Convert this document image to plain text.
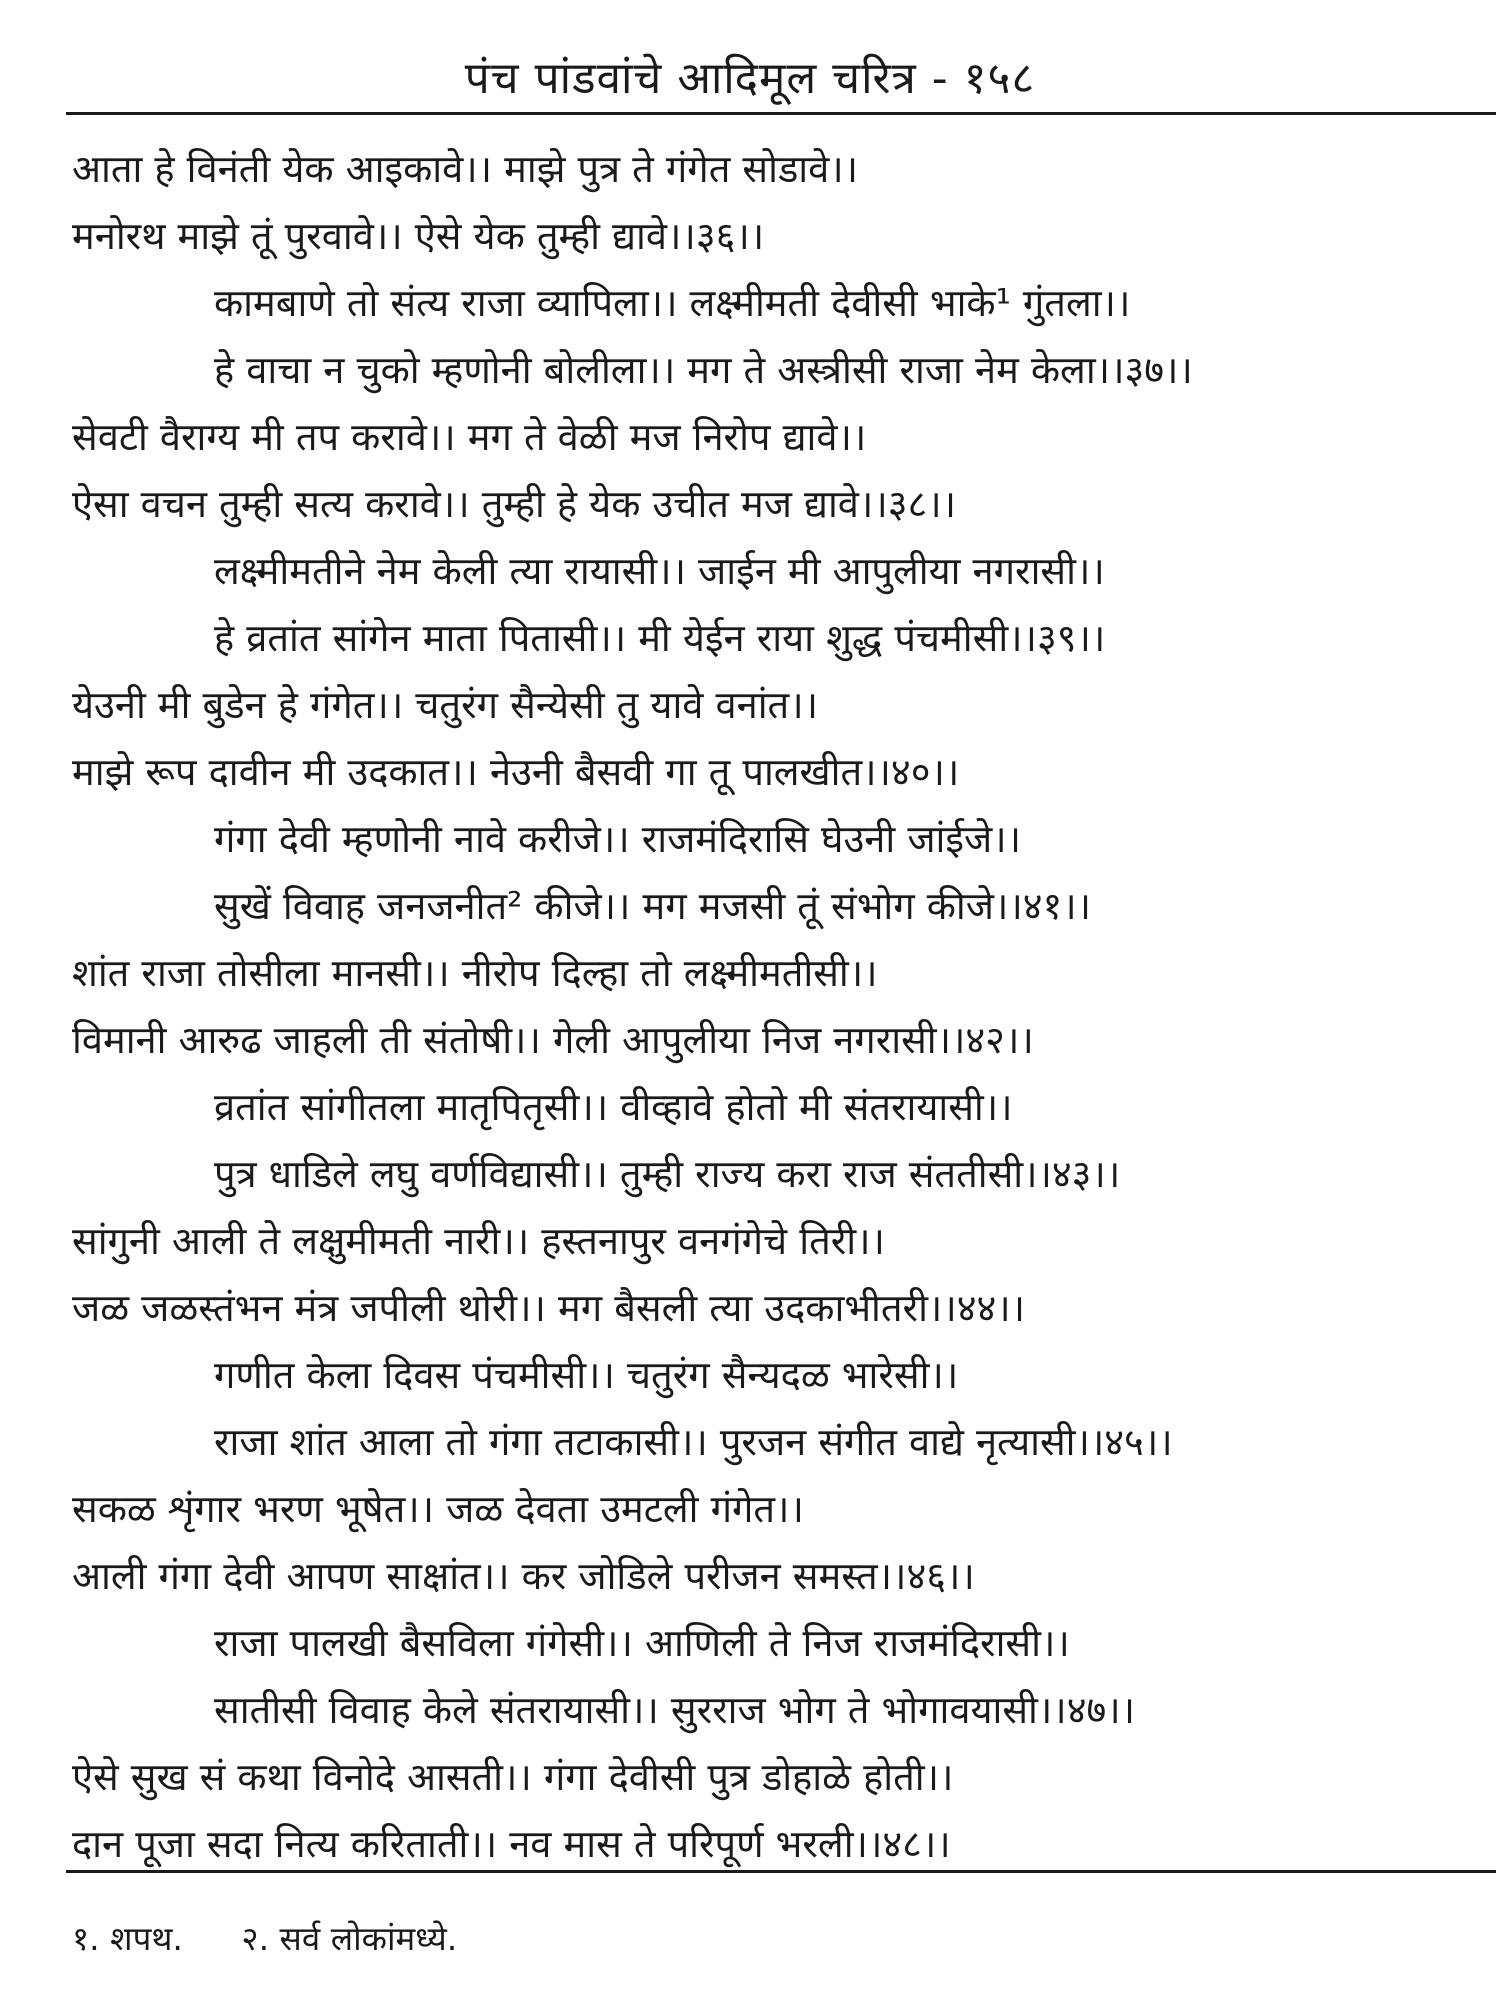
पंच पांडवांचे आदिमूल चरित्र - १५८
आता हे विनंती येक आइकावे।। माझे पुत्र ते गंगेत सोडावे।।
मनोरथ माझे तूं पुरवावे।। ऐसे येक तुम्ही द्यावे।।३६।।
कामबाणे तो संत्य राजा व्यापिला।। लक्ष्मीमती देवीसी भाके¹ गुंतला।।
हे वाचा न चुको म्हणोनी बोलीला।। मग ते अस्त्रीसी राजा नेम केला।।३७।।
सेवटी वैराग्य मी तप करावे।। मग ते वेळी मज निरोप द्यावे।।
ऐसा वचन तुम्ही सत्य करावे।। तुम्ही हे येक उचीत मज द्यावे।।३८।।
लक्ष्मीमतीने नेम केली त्या रायासी।। जाईन मी आपुलीया नगरासी।।
हे व्रतांत सांगेन माता पितासी।। मी येईन राया शुद्ध पंचमीसी।।३९।।
येउनी मी बुडेन हे गंगेत।। चतुरंग सैन्येसी तु यावे वनांत।।
माझे रूप दावीन मी उदकात।। नेउनी बैसवी गा तू पालखीत।।४०।।
गंगा देवी म्हणोनी नावे करीजे।। राजमंदिरासि घेउनी जांईजे।।
सुखें विवाह जनजनीत² कीजे।। मग मजसी तूं संभोग कीजे।।४१।।
शांत राजा तोसीला मानसी।। नीरोप दिल्हा तो लक्ष्मीमतीसी।।
विमानी आरुढ जाहली ती संतोषी।। गेली आपुलीया निज नगरासी।।४२।।
व्रतांत सांगीतला मातृपितृसी।। वीव्हावे होतो मी संतरायासी।।
पुत्र धाडिले लघु वर्णविद्यासी।। तुम्ही राज्य करा राज संततीसी।।४३।।
सांगुनी आली ते लक्षुमीमती नारी।। हस्तनापुर वनगंगेचे तिरी।।
जळ जळस्तंभन मंत्र जपीली थोरी।। मग बैसली त्या उदकाभीतरी।।४४।।
गणीत केला दिवस पंचमीसी।। चतुरंग सैन्यदळ भारेसी।।
राजा शांत आला तो गंगा तटाकासी।। पुरजन संगीत वाद्ये नृत्यासी।।४५।।
सकळ शृंगार भरण भूषेत।। जळ देवता उमटली गंगेत।।
आली गंगा देवी आपण साक्षांत।। कर जोडिले परीजन समस्त।।४६।।
राजा पालखी बैसविला गंगेसी।। आणिली ते निज राजमंदिरासी।।
सातीसी विवाह केले संतरायासी।। सुरराज भोग ते भोगावयासी।।४७।।
ऐसे सुख सं कथा विनोदे आसती।। गंगा देवीसी पुत्र डोहाळे होती।।
दान पूजा सदा नित्य करिताती।। नव मास ते परिपूर्ण भरली।।४८।।
१. शपथ. २. सर्व लोकांमध्ये.
